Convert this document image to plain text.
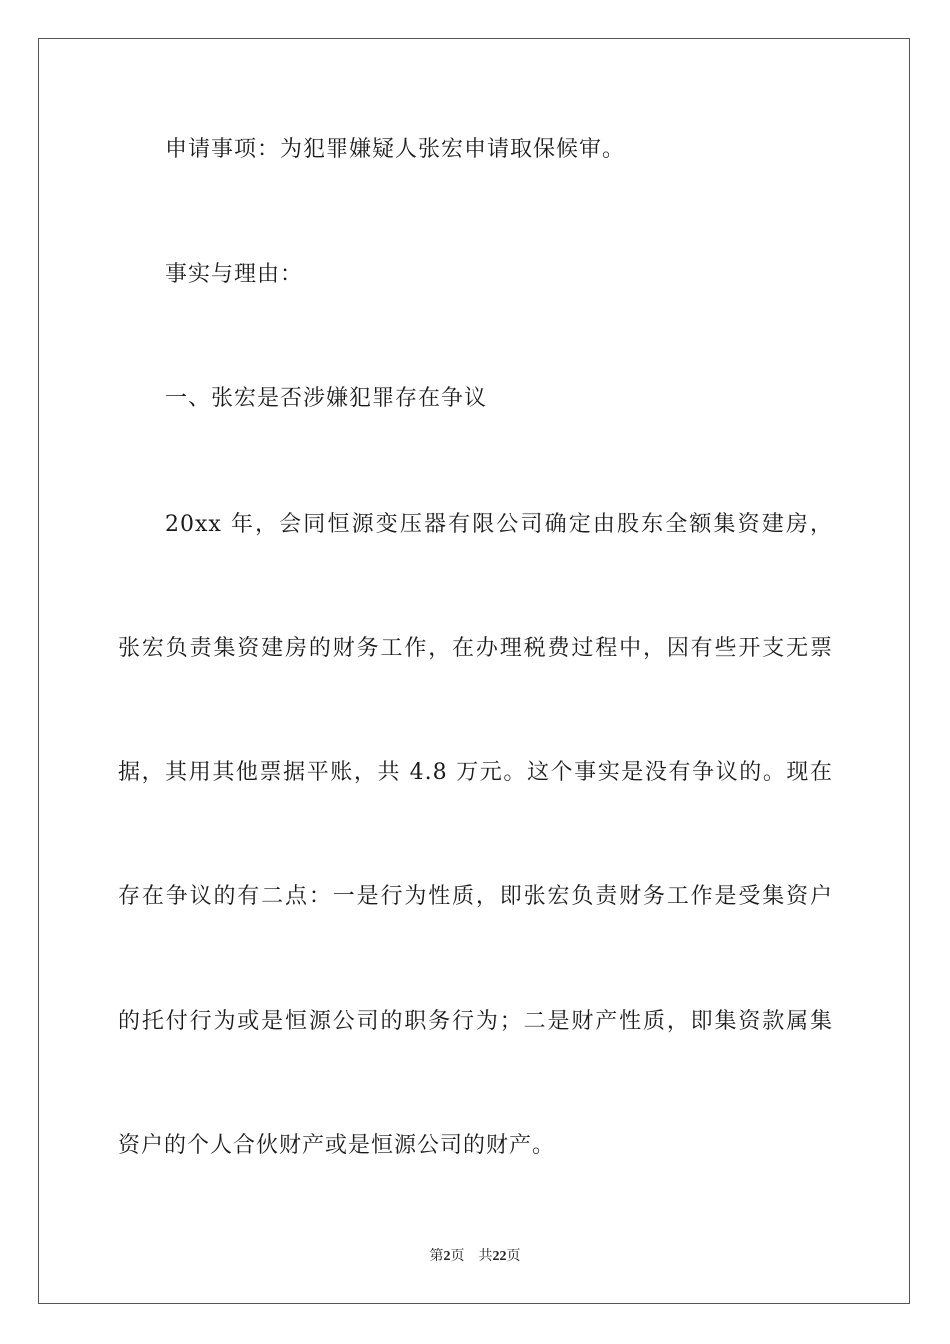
申请事项：为犯罪嫌疑人张宏申请取保候审。
事实与理由：
一、张宏是否涉嫌犯罪存在争议
20xx 年，会同恒源变压器有限公司确定由股东全额集资建房，
张宏负责集资建房的财务工作，在办理税费过程中，因有些开支无票
据，其用其他票据平账，共 4.8 万元。这个事实是没有争议的。现在
存在争议的有二点：一是行为性质，即张宏负责财务工作是受集资户
的托付行为或是恒源公司的职务行为；二是财产性质，即集资款属集
资户的个人合伙财产或是恒源公司的财产。
第2页 共22页
